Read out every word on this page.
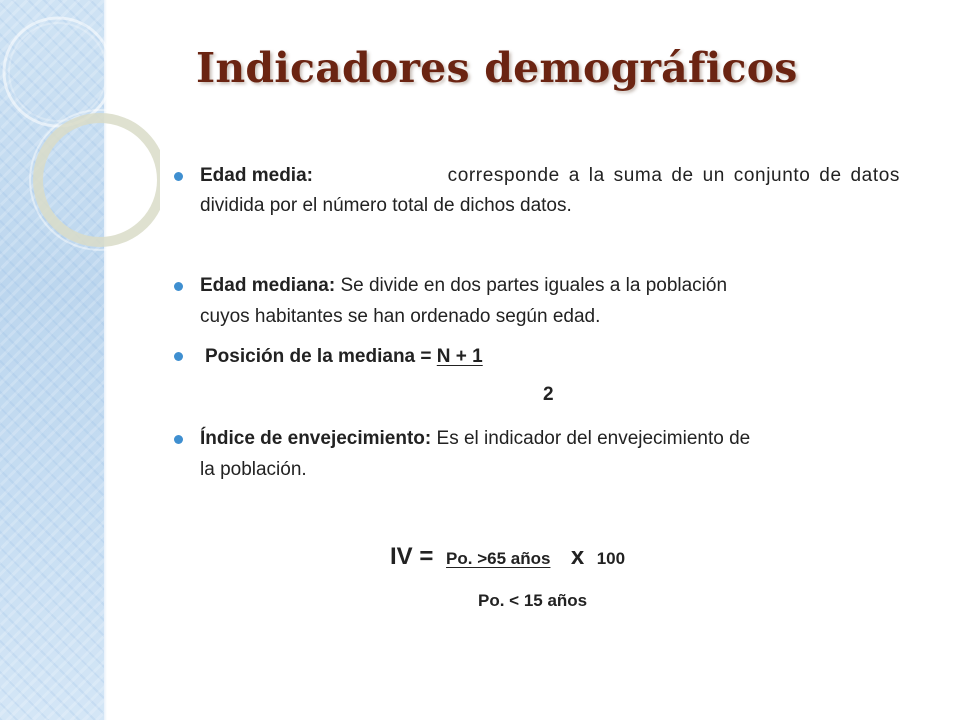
Indicadores demográficos
Edad media:	corresponde a la suma de un conjunto de datos
dividida por el número total de dichos datos.
Edad mediana: Se divide en dos partes iguales a la población
cuyos habitantes se han ordenado según edad.
Posición de la mediana = N + 1
2
Índice de envejecimiento: Es el indicador del envejecimiento de
la población.
IV = Po. >65 años x 100
Po. < 15 años
